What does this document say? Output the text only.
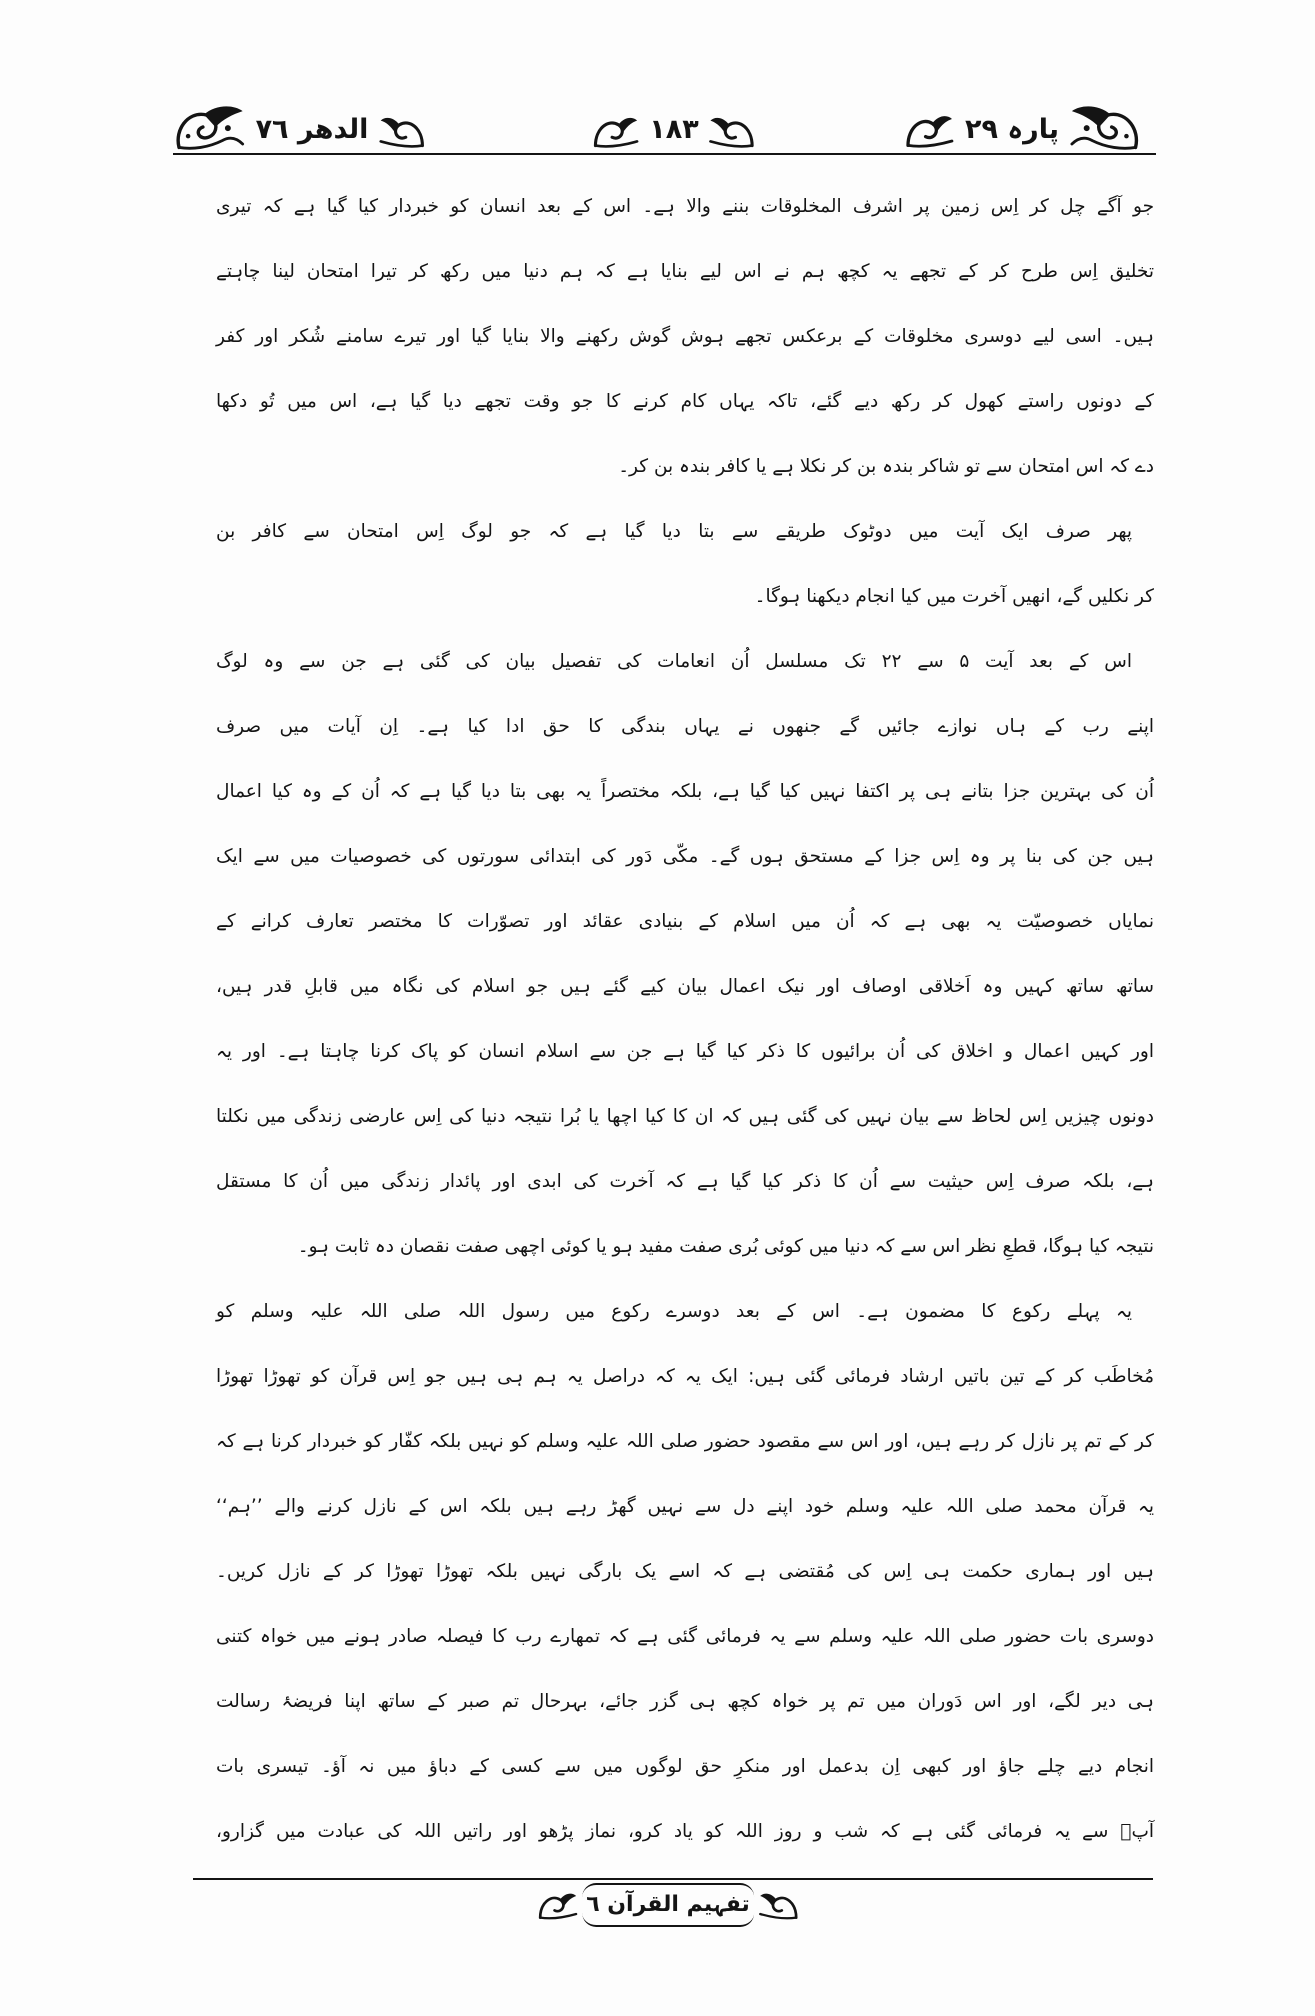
الدھر ٧٦	١٨٣	پارہ ٢٩
جو آگے چل کر اِس زمین پر اشرف المخلوقات بننے والا ہے۔ اس کے بعد انسان کو خبردار کیا گیا ہے کہ تیری
تخلیق اِس طرح کر کے تجھے یہ کچھ ہم نے اس لیے بنایا ہے کہ ہم دنیا میں رکھ کر تیرا امتحان لینا چاہتے
ہیں۔ اسی لیے دوسری مخلوقات کے برعکس تجھے ہوش گوش رکھنے والا بنایا گیا اور تیرے سامنے شُکر اور کفر
کے دونوں راستے کھول کر رکھ دیے گئے، تاکہ یہاں کام کرنے کا جو وقت تجھے دیا گیا ہے، اس میں تُو دکھا
دے کہ اس امتحان سے تو شاکر بندہ بن کر نکلا ہے یا کافر بندہ بن کر۔
پھر صرف ایک آیت میں دوٹوک طریقے سے بتا دیا گیا ہے کہ جو لوگ اِس امتحان سے کافر بن
کر نکلیں گے، انھیں آخرت میں کیا انجام دیکھنا ہوگا۔
اس کے بعد آیت ۵ سے ۲۲ تک مسلسل اُن انعامات کی تفصیل بیان کی گئی ہے جن سے وہ لوگ
اپنے رب کے ہاں نوازے جائیں گے جنھوں نے یہاں بندگی کا حق ادا کیا ہے۔ اِن آیات میں صرف
اُن کی بہترین جزا بتانے ہی پر اکتفا نہیں کیا گیا ہے، بلکہ مختصراً یہ بھی بتا دیا گیا ہے کہ اُن کے وہ کیا اعمال
ہیں جن کی بنا پر وہ اِس جزا کے مستحق ہوں گے۔ مکّی دَور کی ابتدائی سورتوں کی خصوصیات میں سے ایک
نمایاں خصوصیّت یہ بھی ہے کہ اُن میں اسلام کے بنیادی عقائد اور تصوّرات کا مختصر تعارف کرانے کے
ساتھ ساتھ کہیں وہ اَخلاقی اوصاف اور نیک اعمال بیان کیے گئے ہیں جو اسلام کی نگاہ میں قابلِ قدر ہیں،
اور کہیں اعمال و اخلاق کی اُن برائیوں کا ذکر کیا گیا ہے جن سے اسلام انسان کو پاک کرنا چاہتا ہے۔ اور یہ
دونوں چیزیں اِس لحاظ سے بیان نہیں کی گئی ہیں کہ ان کا کیا اچھا یا بُرا نتیجہ دنیا کی اِس عارضی زندگی میں نکلتا
ہے، بلکہ صرف اِس حیثیت سے اُن کا ذکر کیا گیا ہے کہ آخرت کی ابدی اور پائدار زندگی میں اُن کا مستقل
نتیجہ کیا ہوگا، قطعِ نظر اس سے کہ دنیا میں کوئی بُری صفت مفید ہو یا کوئی اچھی صفت نقصان دہ ثابت ہو۔
یہ پہلے رکوع کا مضمون ہے۔ اس کے بعد دوسرے رکوع میں رسول اللہ صلی اللہ علیہ وسلم کو
مُخاطَب کر کے تین باتیں ارشاد فرمائی گئی ہیں: ایک یہ کہ دراصل یہ ہم ہی ہیں جو اِس قرآن کو تھوڑا تھوڑا
کر کے تم پر نازل کر رہے ہیں، اور اس سے مقصود حضور صلی اللہ علیہ وسلم کو نہیں بلکہ کفّار کو خبردار کرنا ہے کہ
یہ قرآن محمد صلی اللہ علیہ وسلم خود اپنے دل سے نہیں گھڑ رہے ہیں بلکہ اس کے نازل کرنے والے ’’ہم‘‘
ہیں اور ہماری حکمت ہی اِس کی مُقتضی ہے کہ اسے یک بارگی نہیں بلکہ تھوڑا تھوڑا کر کے نازل کریں۔
دوسری بات حضور صلی اللہ علیہ وسلم سے یہ فرمائی گئی ہے کہ تمھارے رب کا فیصلہ صادر ہونے میں خواہ کتنی
ہی دیر لگے، اور اس دَوران میں تم پر خواہ کچھ ہی گزر جائے، بہرحال تم صبر کے ساتھ اپنا فریضۂ رسالت
انجام دیے چلے جاؤ اور کبھی اِن بدعمل اور منکرِ حق لوگوں میں سے کسی کے دباؤ میں نہ آؤ۔ تیسری بات
آپؐ سے یہ فرمائی گئی ہے کہ شب و روز اللہ کو یاد کرو، نماز پڑھو اور راتیں اللہ کی عبادت میں گزارو،
تفہیم القرآن ٦
